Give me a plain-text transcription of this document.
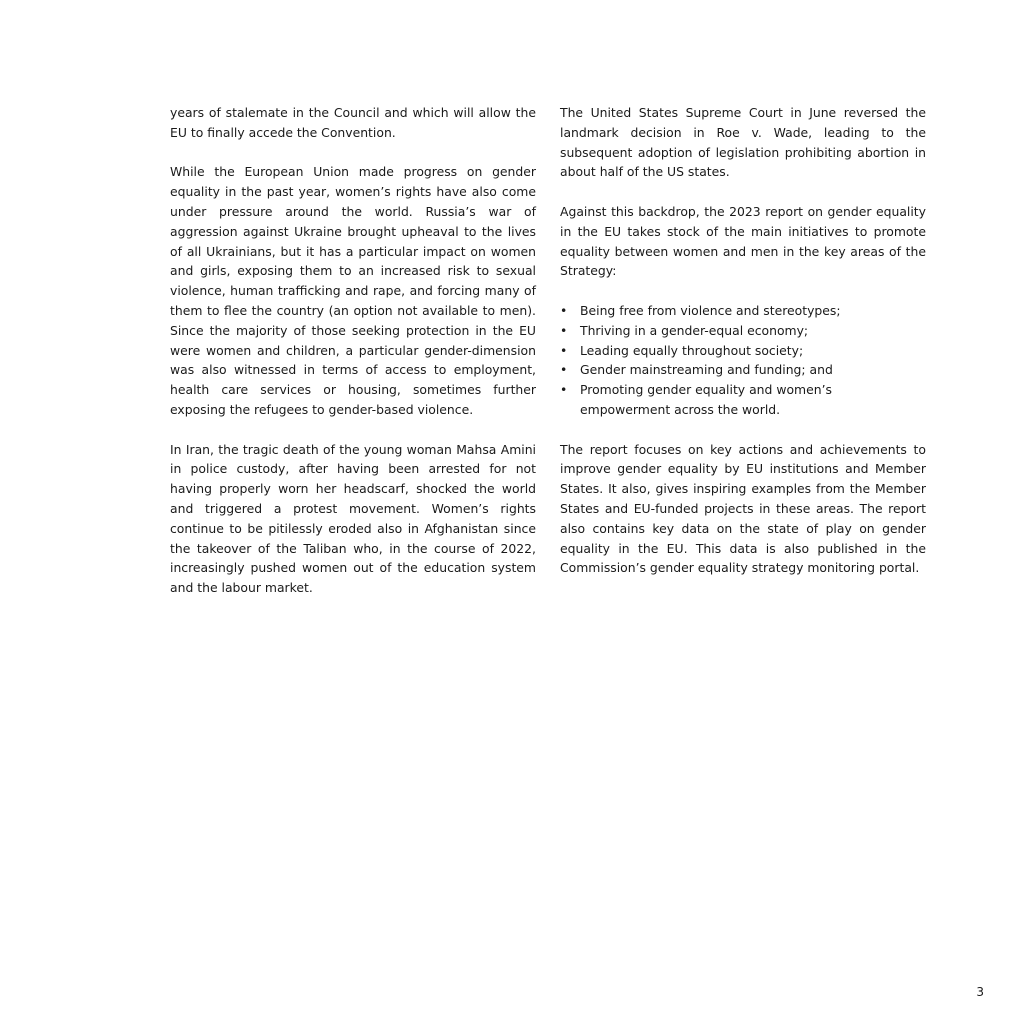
years of stalemate in the Council and which will allow the EU to finally accede the Convention.

While the European Union made progress on gender equality in the past year, women’s rights have also come under pressure around the world. Russia’s war of aggression against Ukraine brought upheaval to the lives of all Ukrainians, but it has a particular impact on women and girls, exposing them to an increased risk to sexual violence, human trafficking and rape, and forcing many of them to flee the country (an option not available to men). Since the majority of those seeking protection in the EU were women and children, a particular gender-dimension was also witnessed in terms of access to employment, health care services or housing, sometimes further exposing the refugees to gender-based violence.

In Iran, the tragic death of the young woman Mahsa Amini in police custody, after having been arrested for not having properly worn her headscarf, shocked the world and triggered a protest movement. Women’s rights continue to be pitilessly eroded also in Afghanistan since the takeover of the Taliban who, in the course of 2022, increasingly pushed women out of the education system and the labour market.

The United States Supreme Court in June reversed the landmark decision in Roe v. Wade, leading to the subsequent adoption of legislation prohibiting abortion in about half of the US states.

Against this backdrop, the 2023 report on gender equality in the EU takes stock of the main initiatives to promote equality between women and men in the key areas of the Strategy:

• Being free from violence and stereotypes;
• Thriving in a gender-equal economy;
• Leading equally throughout society;
• Gender mainstreaming and funding; and
• Promoting gender equality and women’s empowerment across the world.

The report focuses on key actions and achievements to improve gender equality by EU institutions and Member States. It also, gives inspiring examples from the Member States and EU-funded projects in these areas. The report also contains key data on the state of play on gender equality in the EU. This data is also published in the Commission’s gender equality strategy monitoring portal.

3
